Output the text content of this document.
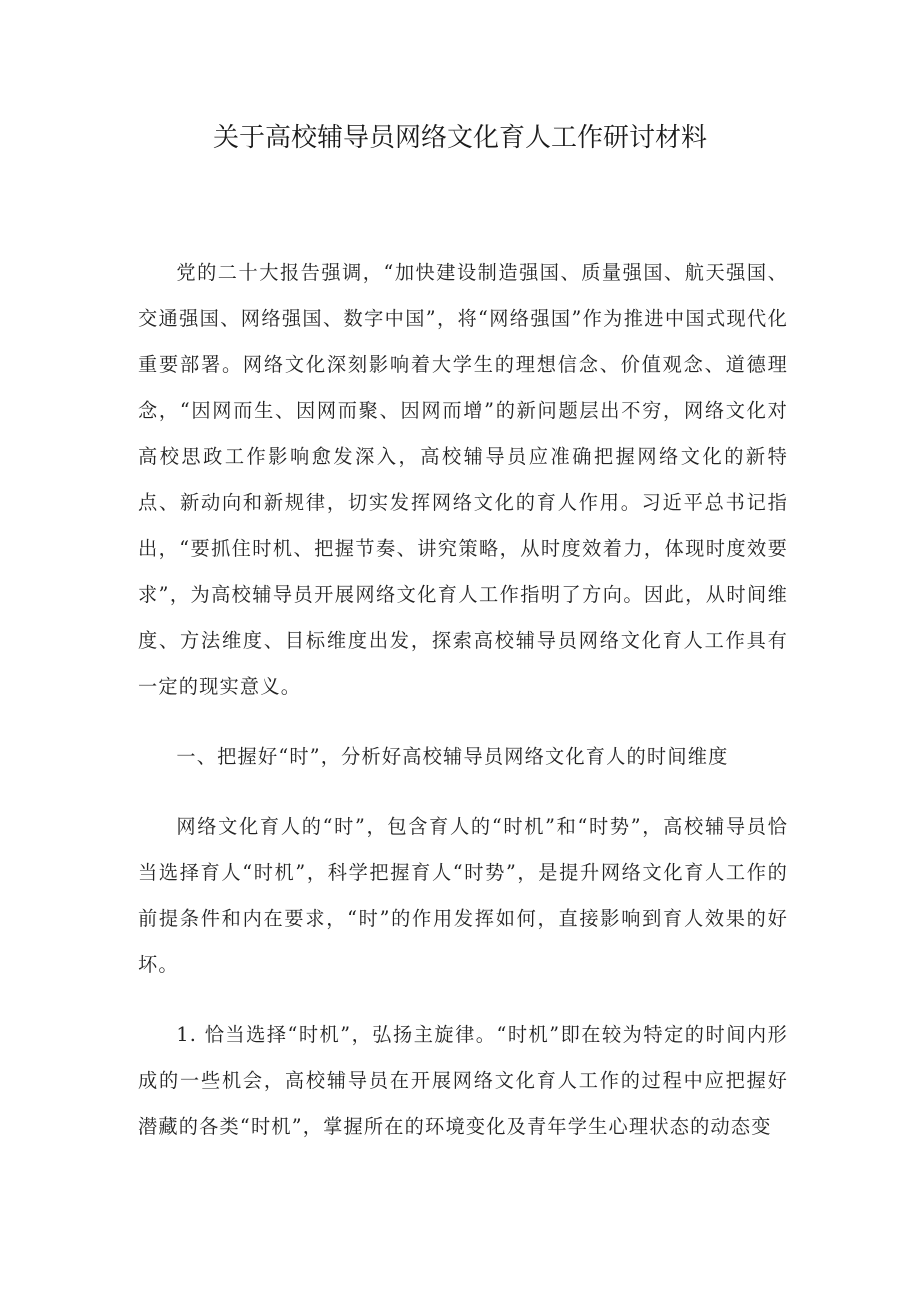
关于高校辅导员网络文化育人工作研讨材料

党的二十大报告强调，“加快建设制造强国、质量强国、航天强国、交通强国、网络强国、数字中国”，将“网络强国”作为推进中国式现代化重要部署。网络文化深刻影响着大学生的理想信念、价值观念、道德理念，“因网而生、因网而聚、因网而增”的新问题层出不穷，网络文化对高校思政工作影响愈发深入，高校辅导员应准确把握网络文化的新特点、新动向和新规律，切实发挥网络文化的育人作用。习近平总书记指出，“要抓住时机、把握节奏、讲究策略，从时度效着力，体现时度效要求”，为高校辅导员开展网络文化育人工作指明了方向。因此，从时间维度、方法维度、目标维度出发，探索高校辅导员网络文化育人工作具有一定的现实意义。

一、把握好“时”，分析好高校辅导员网络文化育人的时间维度

网络文化育人的“时”，包含育人的“时机”和“时势”，高校辅导员恰当选择育人“时机”，科学把握育人“时势”，是提升网络文化育人工作的前提条件和内在要求，“时”的作用发挥如何，直接影响到育人效果的好坏。

1. 恰当选择“时机”，弘扬主旋律。“时机”即在较为特定的时间内形成的一些机会，高校辅导员在开展网络文化育人工作的过程中应把握好潜藏的各类“时机”，掌握所在的环境变化及青年学生心理状态的动态变
